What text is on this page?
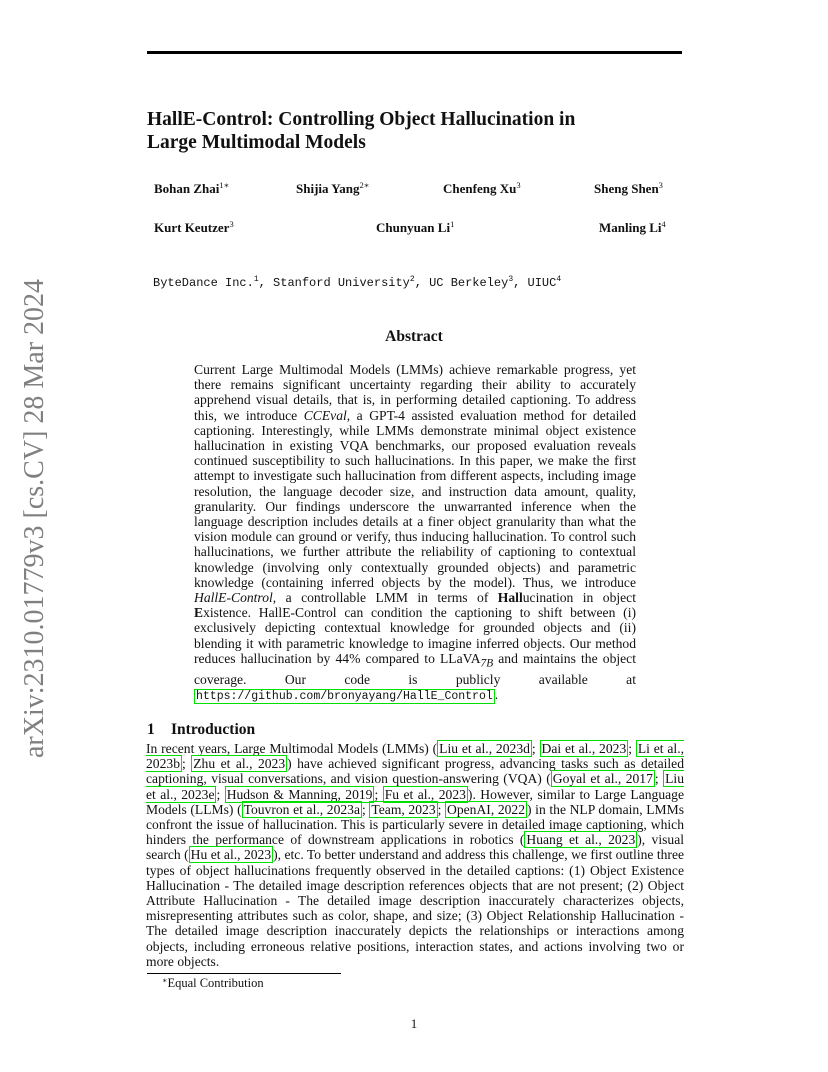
arXiv:2310.01779v3 [cs.CV] 28 Mar 2024
HallE-Control: Controlling Object Hallucination in
Large Multimodal Models
Bohan Zhai$^{1∗}$	Shijia Yang$^{2∗}$	Chenfeng Xu$^3$	Sheng Shen$^3$
Kurt Keutzer$^3$	Chunyuan Li$^1$	Manling Li$^4$
ByteDance Inc.$^1$, Stanford University$^2$, UC Berkeley$^3$, UIUC$^4$
Abstract

Current Large Multimodal Models (LMMs) achieve remarkable progress, yet there remains significant uncertainty regarding their ability to accurately apprehend visual details, that is, in performing detailed captioning. To address this, we introduce CCEval, a GPT-4 assisted evaluation method for detailed captioning. Interestingly, while LMMs demonstrate minimal object existence hallucination in existing VQA benchmarks, our proposed evaluation reveals continued susceptibility to such hallucinations. In this paper, we make the first attempt to investigate such hallucination from different aspects, including image resolution, the language decoder size, and instruction data amount, quality, granularity. Our findings underscore the unwarranted inference when the language description includes details at a finer object granularity than what the vision module can ground or verify, thus inducing hallucination. To control such hallucinations, we further attribute the reliability of captioning to contextual knowledge (involving only contextually grounded objects) and parametric knowledge (containing inferred objects by the model). Thus, we introduce HallE-Control, a controllable LMM in terms of Hallucination in object Existence. HallE-Control can condition the captioning to shift between (i) exclusively depicting contextual knowledge for grounded objects and (ii) blending it with parametric knowledge to imagine inferred objects. Our method reduces hallucination by 44% compared to LLaVA$_{7B}$ and maintains the object coverage. Our code is publicly available at https://github.com/bronyayang/HallE_Control .

1 Introduction

In recent years, Large Multimodal Models (LMMs) ( Liu et al., 2023d ; Dai et al., 2023 ; Li et al., 2023b ; Zhu et al., 2023 ) have achieved significant progress, advancing tasks such as detailed captioning, visual conversations, and vision question-answering (VQA) ( Goyal et al., 2017 ; Liu et al., 2023e ; Hudson & Manning, 2019 ; Fu et al., 2023 ). However, similar to Large Language Models (LLMs) ( Touvron et al., 2023a ; Team, 2023 ; OpenAI, 2022 ) in the NLP domain, LMMs confront the issue of hallucination. This is particularly severe in detailed image captioning, which hinders the performance of downstream applications in robotics ( Huang et al., 2023 ), visual search ( Hu et al., 2023 ), etc. To better understand and address this challenge, we first outline three types of object hallucinations frequently observed in the detailed captions: (1) Object Existence Hallucination - The detailed image description references objects that are not present; (2) Object Attribute Hallucination - The detailed image description inaccurately characterizes objects, misrepresenting attributes such as color, shape, and size; (3) Object Relationship Hallucination - The detailed image description inaccurately depicts the relationships or interactions among objects, including erroneous relative positions, interaction states, and actions involving two or more objects.

∗Equal Contribution
1
